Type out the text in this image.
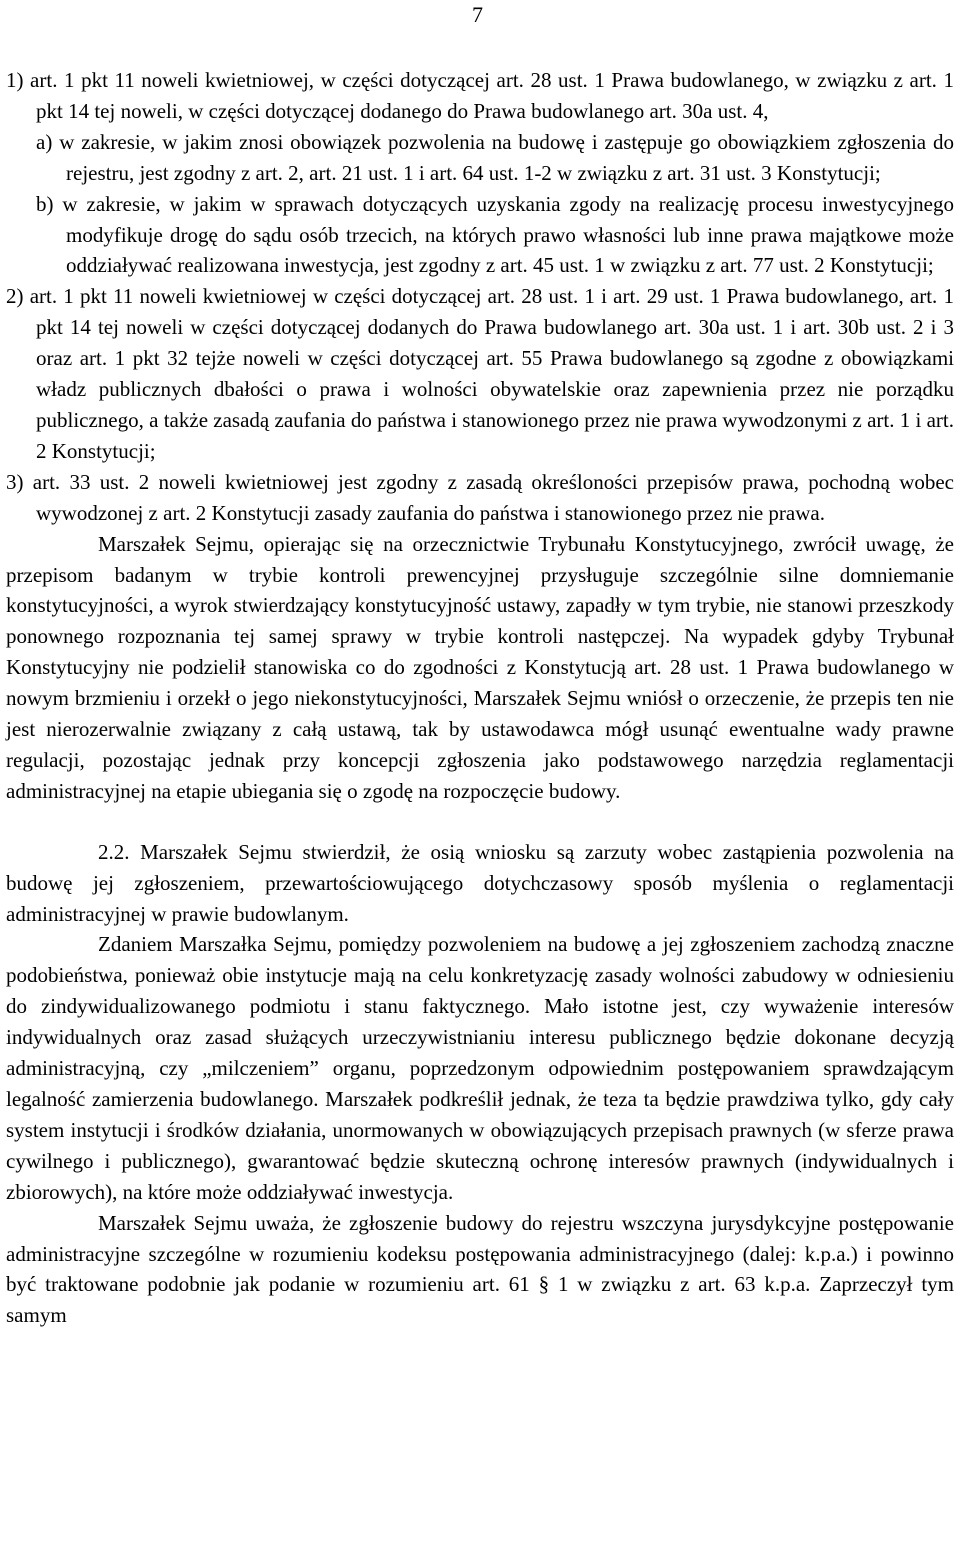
7

1) art. 1 pkt 11 noweli kwietniowej, w części dotyczącej art. 28 ust. 1 Prawa budowlanego, w związku z art. 1 pkt 14 tej noweli, w części dotyczącej dodanego do Prawa budowlanego art. 30a ust. 4,

a) w zakresie, w jakim znosi obowiązek pozwolenia na budowę i zastępuje go obowiązkiem zgłoszenia do rejestru, jest zgodny z art. 2, art. 21 ust. 1 i art. 64 ust. 1-2 w związku z art. 31 ust. 3 Konstytucji;

b) w zakresie, w jakim w sprawach dotyczących uzyskania zgody na realizację procesu inwestycyjnego modyfikuje drogę do sądu osób trzecich, na których prawo własności lub inne prawa majątkowe może oddziaływać realizowana inwestycja, jest zgodny z art. 45 ust. 1 w związku z art. 77 ust. 2 Konstytucji;

2) art. 1 pkt 11 noweli kwietniowej w części dotyczącej art. 28 ust. 1 i art. 29 ust. 1 Prawa budowlanego, art. 1 pkt 14 tej noweli w części dotyczącej dodanych do Prawa budowlanego art. 30a ust. 1 i art. 30b ust. 2 i 3 oraz art. 1 pkt 32 tejże noweli w części dotyczącej art. 55 Prawa budowlanego są zgodne z obowiązkami władz publicznych dbałości o prawa i wolności obywatelskie oraz zapewnienia przez nie porządku publicznego, a także zasadą zaufania do państwa i stanowionego przez nie prawa wywodzonymi z art. 1 i art. 2 Konstytucji;

3) art. 33 ust. 2 noweli kwietniowej jest zgodny z zasadą określoności przepisów prawa, pochodną wobec wywodzonej z art. 2 Konstytucji zasady zaufania do państwa i stanowionego przez nie prawa.

Marszałek Sejmu, opierając się na orzecznictwie Trybunału Konstytucyjnego, zwrócił uwagę, że przepisom badanym w trybie kontroli prewencyjnej przysługuje szczególnie silne domniemanie konstytucyjności, a wyrok stwierdzający konstytucyjność ustawy, zapadły w tym trybie, nie stanowi przeszkody ponownego rozpoznania tej samej sprawy w trybie kontroli następczej. Na wypadek gdyby Trybunał Konstytucyjny nie podzielił stanowiska co do zgodności z Konstytucją art. 28 ust. 1 Prawa budowlanego w nowym brzmieniu i orzekł o jego niekonstytucyjności, Marszałek Sejmu wniósł o orzeczenie, że przepis ten nie jest nierozerwalnie związany z całą ustawą, tak by ustawodawca mógł usunąć ewentualne wady prawne regulacji, pozostając jednak przy koncepcji zgłoszenia jako podstawowego narzędzia reglamentacji administracyjnej na etapie ubiegania się o zgodę na rozpoczęcie budowy.

2.2. Marszałek Sejmu stwierdził, że osią wniosku są zarzuty wobec zastąpienia pozwolenia na budowę jej zgłoszeniem, przewartościowującego dotychczasowy sposób myślenia o reglamentacji administracyjnej w prawie budowlanym.

Zdaniem Marszałka Sejmu, pomiędzy pozwoleniem na budowę a jej zgłoszeniem zachodzą znaczne podobieństwa, ponieważ obie instytucje mają na celu konkretyzację zasady wolności zabudowy w odniesieniu do zindywidualizowanego podmiotu i stanu faktycznego. Mało istotne jest, czy wyważenie interesów indywidualnych oraz zasad służących urzeczywistnianiu interesu publicznego będzie dokonane decyzją administracyjną, czy „milczeniem” organu, poprzedzonym odpowiednim postępowaniem sprawdzającym legalność zamierzenia budowlanego. Marszałek podkreślił jednak, że teza ta będzie prawdziwa tylko, gdy cały system instytucji i środków działania, unormowanych w obowiązujących przepisach prawnych (w sferze prawa cywilnego i publicznego), gwarantować będzie skuteczną ochronę interesów prawnych (indywidualnych i zbiorowych), na które może oddziaływać inwestycja.

Marszałek Sejmu uważa, że zgłoszenie budowy do rejestru wszczyna jurysdykcyjne postępowanie administracyjne szczególne w rozumieniu kodeksu postępowania administracyjnego (dalej: k.p.a.) i powinno być traktowane podobnie jak podanie w rozumieniu art. 61 § 1 w związku z art. 63 k.p.a. Zaprzeczył tym samym
